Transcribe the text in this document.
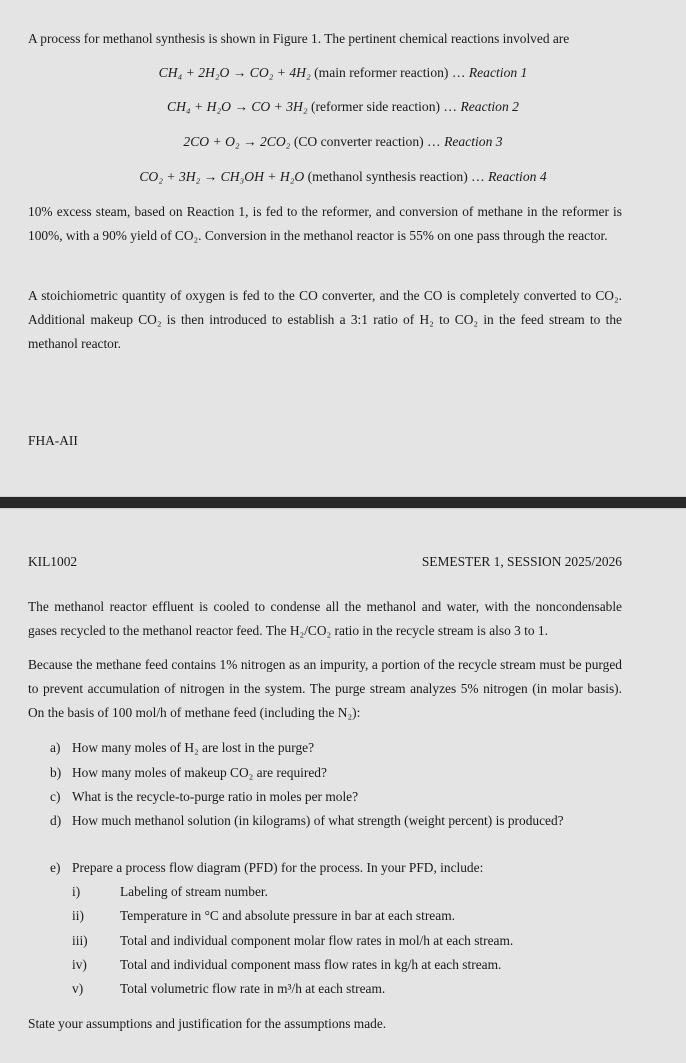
A process for methanol synthesis is shown in Figure 1. The pertinent chemical reactions involved are
CH₄ + 2H₂O → CO₂ + 4H₂ (main reformer reaction) … Reaction 1
CH₄ + H₂O → CO + 3H₂ (reformer side reaction) … Reaction 2
2CO + O₂ → 2CO₂ (CO converter reaction) … Reaction 3
CO₂ + 3H₂ → CH₃OH + H₂O (methanol synthesis reaction) … Reaction 4
10% excess steam, based on Reaction 1, is fed to the reformer, and conversion of methane in the reformer is 100%, with a 90% yield of CO₂. Conversion in the methanol reactor is 55% on one pass through the reactor.
A stoichiometric quantity of oxygen is fed to the CO converter, and the CO is completely converted to CO₂. Additional makeup CO₂ is then introduced to establish a 3:1 ratio of H₂ to CO₂ in the feed stream to the methanol reactor.
FHA-AII
KIL1002	SEMESTER 1, SESSION 2025/2026
The methanol reactor effluent is cooled to condense all the methanol and water, with the noncondensable gases recycled to the methanol reactor feed. The H₂/CO₂ ratio in the recycle stream is also 3 to 1.
Because the methane feed contains 1% nitrogen as an impurity, a portion of the recycle stream must be purged to prevent accumulation of nitrogen in the system. The purge stream analyzes 5% nitrogen (in molar basis). On the basis of 100 mol/h of methane feed (including the N₂):
a) How many moles of H₂ are lost in the purge?
b) How many moles of makeup CO₂ are required?
c) What is the recycle-to-purge ratio in moles per mole?
d) How much methanol solution (in kilograms) of what strength (weight percent) is produced?
e) Prepare a process flow diagram (PFD) for the process. In your PFD, include:
i)	Labeling of stream number.
ii)	Temperature in °C and absolute pressure in bar at each stream.
iii) Total and individual component molar flow rates in mol/h at each stream.
iv) Total and individual component mass flow rates in kg/h at each stream.
v)	Total volumetric flow rate in m³/h at each stream.
State your assumptions and justification for the assumptions made.
